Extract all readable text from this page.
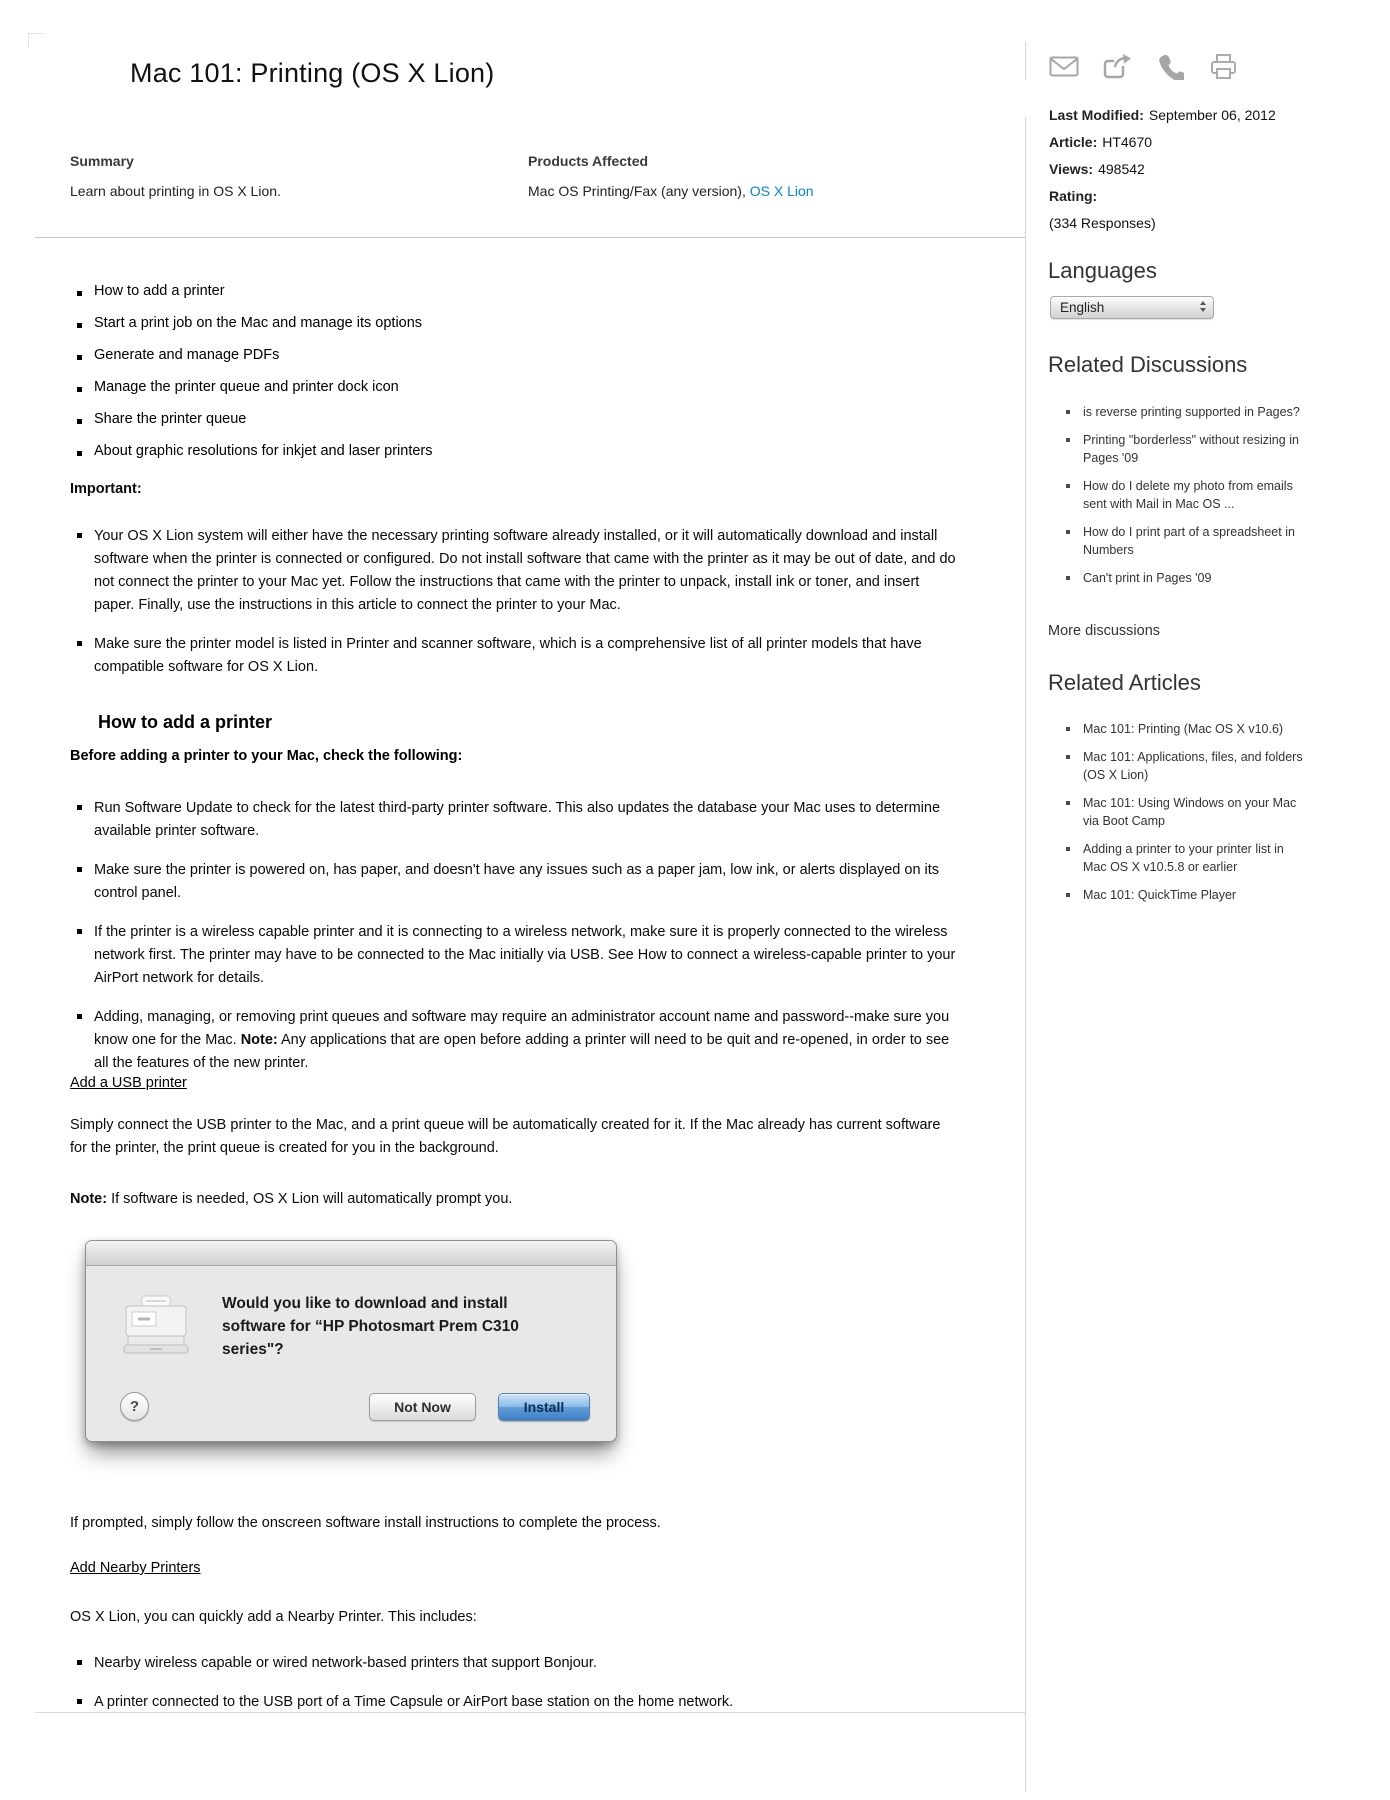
Mac 101: Printing (OS X Lion)
Summary
Learn about printing in OS X Lion.
Products Affected
Mac OS Printing/Fax (any version), OS X Lion
How to add a printer
Start a print job on the Mac and manage its options
Generate and manage PDFs
Manage the printer queue and printer dock icon
Share the printer queue
About graphic resolutions for inkjet and laser printers
Important:
Your OS X Lion system will either have the necessary printing software already installed, or it will automatically download and install software when the printer is connected or configured. Do not install software that came with the printer as it may be out of date, and do not connect the printer to your Mac yet. Follow the instructions that came with the printer to unpack, install ink or toner, and insert paper. Finally, use the instructions in this article to connect the printer to your Mac.
Make sure the printer model is listed in Printer and scanner software, which is a comprehensive list of all printer models that have compatible software for OS X Lion.
How to add a printer
Before adding a printer to your Mac, check the following:
Run Software Update to check for the latest third-party printer software. This also updates the database your Mac uses to determine available printer software.
Make sure the printer is powered on, has paper, and doesn't have any issues such as a paper jam, low ink, or alerts displayed on its control panel.
If the printer is a wireless capable printer and it is connecting to a wireless network, make sure it is properly connected to the wireless network first. The printer may have to be connected to the Mac initially via USB. See How to connect a wireless-capable printer to your AirPort network for details.
Adding, managing, or removing print queues and software may require an administrator account name and password--make sure you know one for the Mac. Note: Any applications that are open before adding a printer will need to be quit and re-opened, in order to see all the features of the new printer.
Add a USB printer
Simply connect the USB printer to the Mac, and a print queue will be automatically created for it. If the Mac already has current software for the printer, the print queue is created for you in the background.
Note: If software is needed, OS X Lion will automatically prompt you.
Would you like to download and install software for “HP Photosmart Prem C310 series"?
?	Not Now	Install
If prompted, simply follow the onscreen software install instructions to complete the process.
Add Nearby Printers
OS X Lion, you can quickly add a Nearby Printer. This includes:
Nearby wireless capable or wired network-based printers that support Bonjour.
A printer connected to the USB port of a Time Capsule or AirPort base station on the home network.
Last Modified: September 06, 2012
Article: HT4670
Views: 498542
Rating:
(334 Responses)
Languages
English
Related Discussions
is reverse printing supported in Pages?
Printing "borderless" without resizing in Pages '09
How do I delete my photo from emails sent with Mail in Mac OS ...
How do I print part of a spreadsheet in Numbers
Can't print in Pages '09
More discussions
Related Articles
Mac 101: Printing (Mac OS X v10.6)
Mac 101: Applications, files, and folders (OS X Lion)
Mac 101: Using Windows on your Mac via Boot Camp
Adding a printer to your printer list in Mac OS X v10.5.8 or earlier
Mac 101: QuickTime Player
